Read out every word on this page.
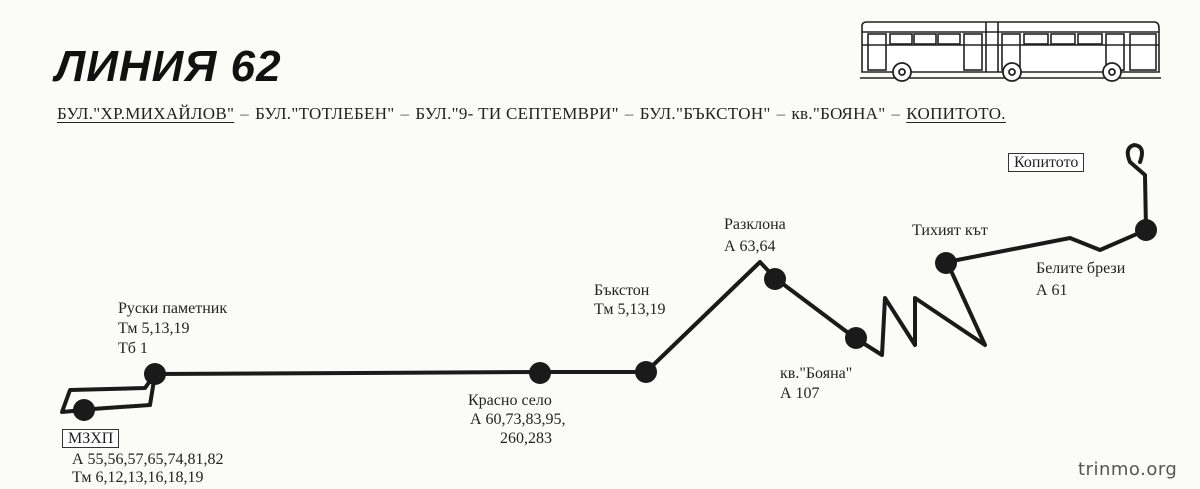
ЛИНИЯ 62
БУЛ."ХР.МИХАЙЛОВ" – БУЛ."ТОТЛЕБЕН" – БУЛ."9- ТИ СЕПТЕМВРИ" – БУЛ."БЪКСТОН" – кв."БОЯНА" – КОПИТОТО.
МЗХП
А 55,56,57,65,74,81,82
Тм 6,12,13,16,18,19
Руски паметник
Тм 5,13,19
Тб 1
Красно село
А 60,73,83,95,
260,283
Бъкстон
Тм 5,13,19
Разклона
А 63,64
кв."Бояна"
А 107
Тихият кът
Белите брези
А 61
Копитото
trinmo.org
